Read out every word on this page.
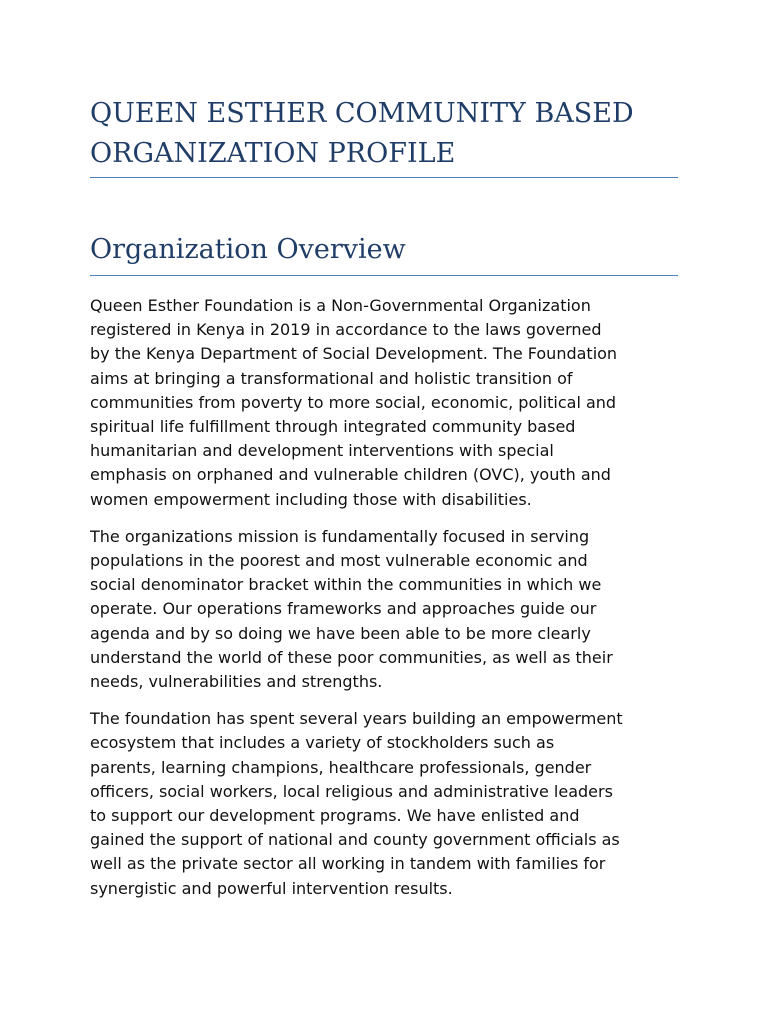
QUEEN ESTHER COMMUNITY BASED
ORGANIZATION PROFILE
Organization Overview

Queen Esther Foundation is a Non-Governmental Organization
registered in Kenya in 2019 in accordance to the laws governed
by the Kenya Department of Social Development. The Foundation
aims at bringing a transformational and holistic transition of
communities from poverty to more social, economic, political and
spiritual life fulfillment through integrated community based
humanitarian and development interventions with special
emphasis on orphaned and vulnerable children (OVC), youth and
women empowerment including those with disabilities.

The organizations mission is fundamentally focused in serving
populations in the poorest and most vulnerable economic and
social denominator bracket within the communities in which we
operate. Our operations frameworks and approaches guide our
agenda and by so doing we have been able to be more clearly
understand the world of these poor communities, as well as their
needs, vulnerabilities and strengths.

The foundation has spent several years building an empowerment
ecosystem that includes a variety of stockholders such as
parents, learning champions, healthcare professionals, gender
officers, social workers, local religious and administrative leaders
to support our development programs. We have enlisted and
gained the support of national and county government officials as
well as the private sector all working in tandem with families for
synergistic and powerful intervention results.
